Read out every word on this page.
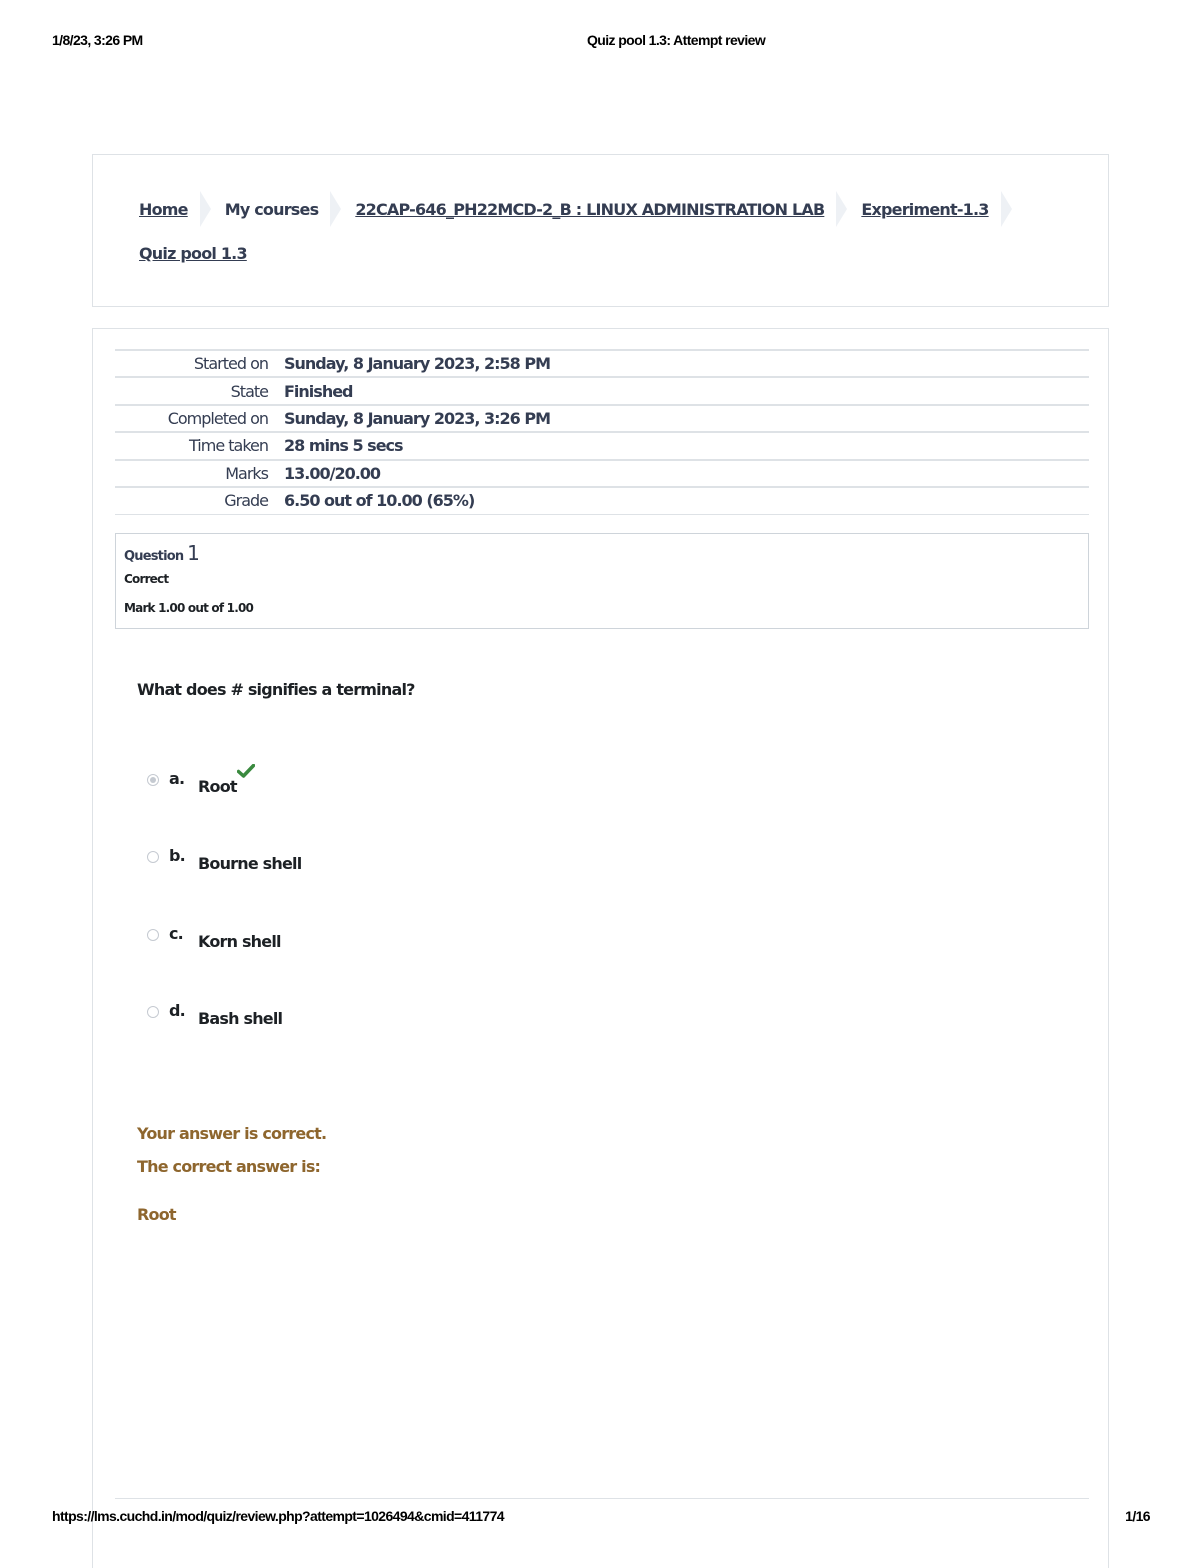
1/8/23, 3:26 PM	Quiz pool 1.3: Attempt review
Home My courses 22CAP-646_PH22MCD-2_B : LINUX ADMINISTRATION LAB Experiment-1.3
Quiz pool 1.3
Started on	Sunday, 8 January 2023, 2:58 PM
State	Finished
Completed on	Sunday, 8 January 2023, 3:26 PM
Time taken	28 mins 5 secs
Marks	13.00/20.00
Grade	6.50 out of 10.00 (65%)
Question 1
Correct
Mark 1.00 out of 1.00
What does # signifies a terminal?
a. Root
b. Bourne shell
c. Korn shell
d. Bash shell
Your answer is correct.
The correct answer is:
Root
https://lms.cuchd.in/mod/quiz/review.php?attempt=1026494&cmid=411774	1/16
